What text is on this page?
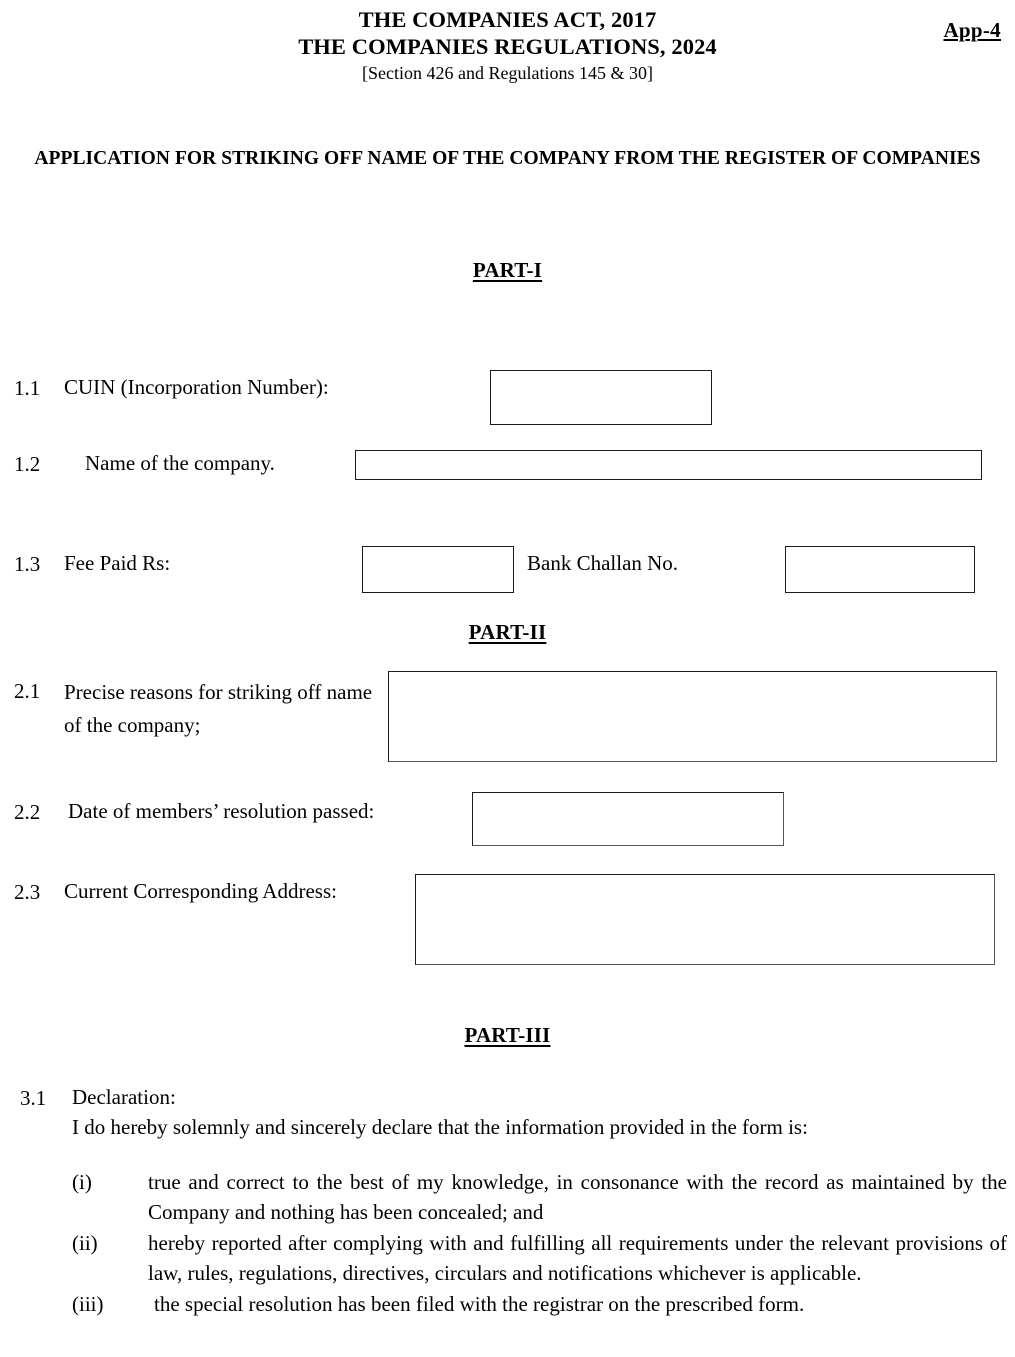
THE COMPANIES ACT, 2017
THE COMPANIES REGULATIONS, 2024
[Section 426 and Regulations 145 & 30]
App-4
APPLICATION FOR STRIKING OFF NAME OF THE COMPANY FROM THE REGISTER OF COMPANIES
PART-I
1.1 CUIN (Incorporation Number):
1.2 Name of the company.
1.3 Fee Paid Rs:	Bank Challan No.
PART-II
2.1 Precise reasons for striking off name of the company;
2.2 Date of members’ resolution passed:
2.3 Current Corresponding Address:
PART-III
3.1 Declaration:
I do hereby solemnly and sincerely declare that the information provided in the form is:
(i)	true and correct to the best of my knowledge, in consonance with the record as maintained by the Company and nothing has been concealed; and
(ii) hereby reported after complying with and fulfilling all requirements under the relevant provisions of law, rules, regulations, directives, circulars and notifications whichever is applicable.
(iii) the special resolution has been filed with the registrar on the prescribed form.
